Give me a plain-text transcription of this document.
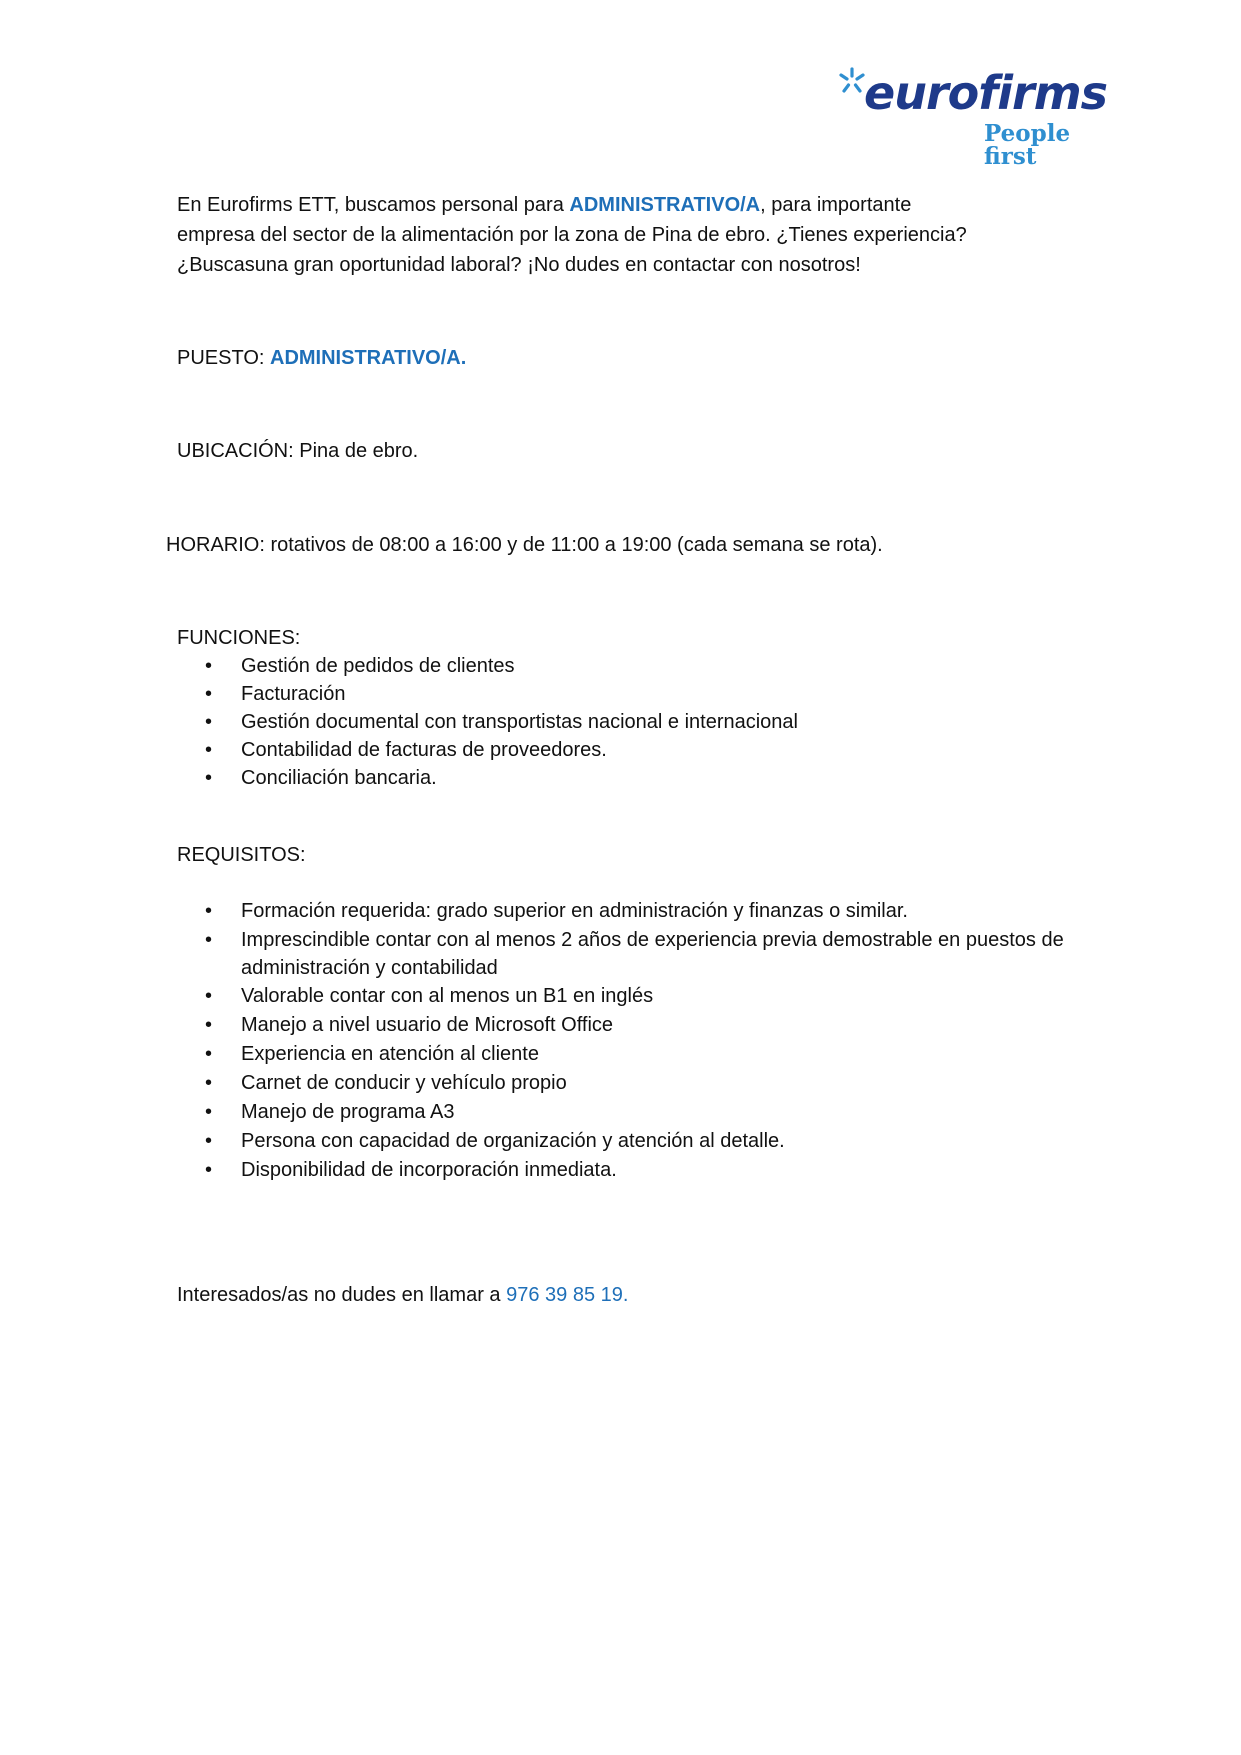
eurofirms
People first
En Eurofirms ETT, buscamos personal para ADMINISTRATIVO/A, para importante
empresa del sector de la alimentación por la zona de Pina de ebro. ¿Tienes experiencia?
¿Buscasuna gran oportunidad laboral? ¡No dudes en contactar con nosotros!
PUESTO: ADMINISTRATIVO/A.
UBICACIÓN: Pina de ebro.
HORARIO: rotativos de 08:00 a 16:00 y de 11:00 a 19:00 (cada semana se rota).
FUNCIONES:
• Gestión de pedidos de clientes
• Facturación
• Gestión documental con transportistas nacional e internacional
• Contabilidad de facturas de proveedores.
• Conciliación bancaria.
REQUISITOS:
• Formación requerida: grado superior en administración y finanzas o similar.
• Imprescindible contar con al menos 2 años de experiencia previa demostrable en puestos de
administración y contabilidad
• Valorable contar con al menos un B1 en inglés
• Manejo a nivel usuario de Microsoft Office
• Experiencia en atención al cliente
• Carnet de conducir y vehículo propio
• Manejo de programa A3
• Persona con capacidad de organización y atención al detalle.
• Disponibilidad de incorporación inmediata.
Interesados/as no dudes en llamar a 976 39 85 19.
